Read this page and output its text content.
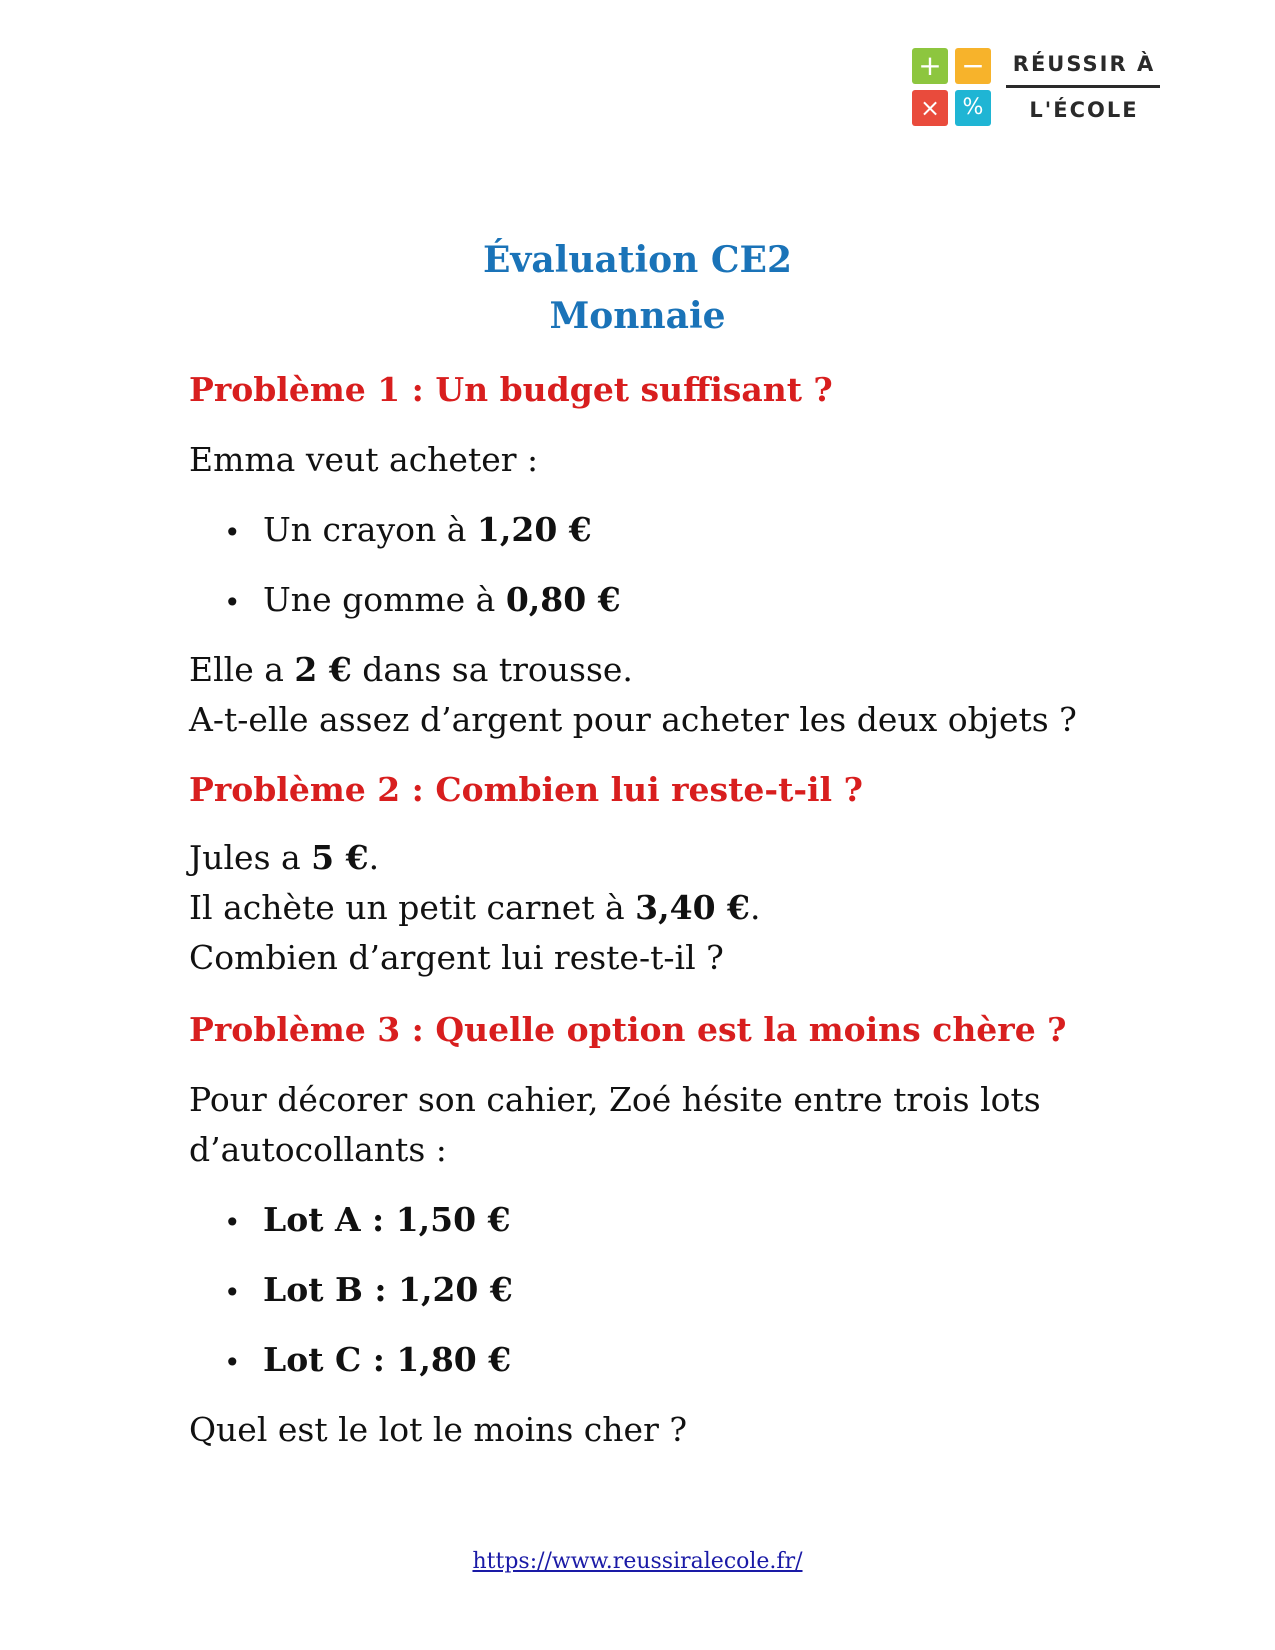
+ −
×	%
RÉUSSIR À
L'ÉCOLE
Évaluation CE2
Monnaie
Problème 1 : Un budget suffisant ?
Emma veut acheter :
• Un crayon à 1,20 €
• Une gomme à 0,80 €
Elle a 2 € dans sa trousse.
A-t-elle assez d’argent pour acheter les deux objets ?
Problème 2 : Combien lui reste-t-il ?
Jules a 5 €.
Il achète un petit carnet à 3,40 €.
Combien d’argent lui reste-t-il ?
Problème 3 : Quelle option est la moins chère ?
Pour décorer son cahier, Zoé hésite entre trois lots
d’autocollants :
• Lot A : 1,50 €
• Lot B : 1,20 €
• Lot C : 1,80 €
Quel est le lot le moins cher ?
https://www.reussiralecole.fr/
